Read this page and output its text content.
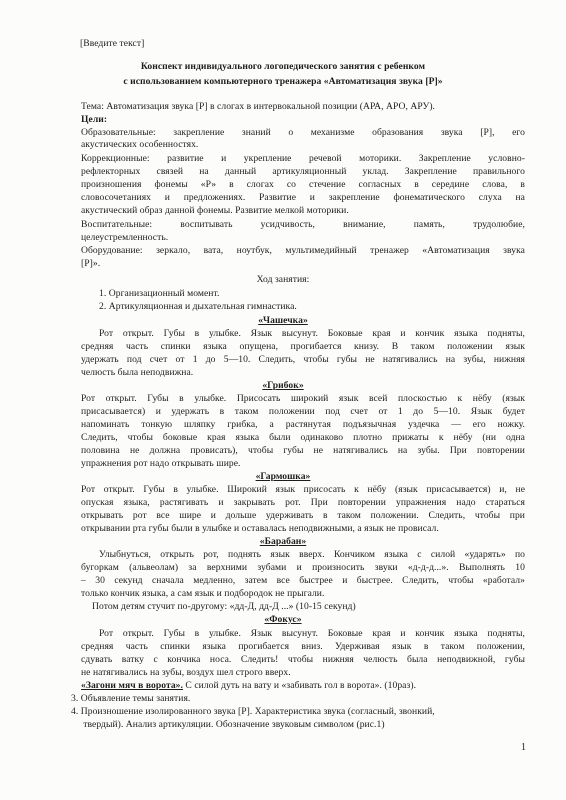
[Введите текст]
Конспект индивидуального логопедического занятия с ребенком
с использованием компьютерного тренажера «Автоматизация звука [Р]»
Тема: Автоматизация звука [Р] в слогах в интервокальной позиции (АРА, АРО, АРУ).
Цели:
Образовательные: закрепление знаний о механизме образования звука [Р], его
акустических особенностях.
Коррекционные: развитие и укрепление речевой моторики. Закрепление условно-
рефлекторных связей на данный артикуляционный уклад. Закрепление правильного
произношения фонемы «Р» в слогах со стечение согласных в середине слова, в
словосочетаниях и предложениях. Развитие и закрепление фонематического слуха на
акустический образ данной фонемы. Развитие мелкой моторики.
Воспитательные: воспитывать усидчивость, внимание, память, трудолюбие,
целеустремленность.
Оборудование: зеркало, вата, ноутбук, мультимедийный тренажер «Автоматизация звука
[Р]».
Ход занятия:
1. Организационный момент.
2. Артикуляционная и дыхательная гимнастика.
«Чашечка»
Рот открыт. Губы в улыбке. Язык высунут. Боковые края и кончик языка подняты,
средняя часть спинки языка опущена, прогибается книзу. В таком положении язык
удержать под счет от 1 до 5—10. Следить, чтобы губы не натягивались на зубы, нижняя
челюсть была неподвижна.
«Грибок»
Рот открыт. Губы в улыбке. Присосать широкий язык всей плоскостью к нёбу (язык
присасывается) и удержать в таком положении под счет от 1 до 5—10. Язык будет
напоминать тонкую шляпку грибка, а растянутая подъязычная уздечка — его ножку.
Следить, чтобы боковые края языка были одинаково плотно прижаты к нёбу (ни одна
половина не должна провисать), чтобы губы не натягивались на зубы. При повторении
упражнения рот надо открывать шире.
«Гармошка»
Рот открыт. Губы в улыбке. Широкий язык присосать к нёбу (язык присасывается) и, не
опуская языка, растягивать и закрывать рот. При повторении упражнения надо стараться
открывать рот все шире и дольше удерживать в таком положении. Следить, чтобы при
открывании рта губы были в улыбке и оставалась неподвижными, а язык не провисал.
«Барабан»
Улыбнуться, открыть рот, поднять язык вверх. Кончиком языка с силой «ударять» по
бугоркам (альвеолам) за верхними зубами и произносить звуки «д-д-д...». Выполнять 10
– 30 секунд сначала медленно, затем все быстрее и быстрее. Следить, чтобы «работал»
только кончик языка, а сам язык и подбородок не прыгали.
Потом детям стучит по-другому: «дд-Д, дд-Д ...» (10-15 секунд)
«Фокус»
Рот открыт. Губы в улыбке. Язык высунут. Боковые края и кончик языка подняты,
средняя часть спинки языка прогибается вниз. Удерживая язык в таком положении,
сдувать ватку с кончика носа. Следить! чтобы нижняя челюсть была неподвижной, губы
не натягивались на зубы, воздух шел строго вверх.
«Загони мяч в ворота». С силой дуть на вату и «забивать гол в ворота». (10раз).
3. Объявление темы занятия.
4. Произношение изолированного звука [Р]. Характеристика звука (согласный, звонкий,
твердый). Анализ артикуляции. Обозначение звуковым символом (рис.1)
1
